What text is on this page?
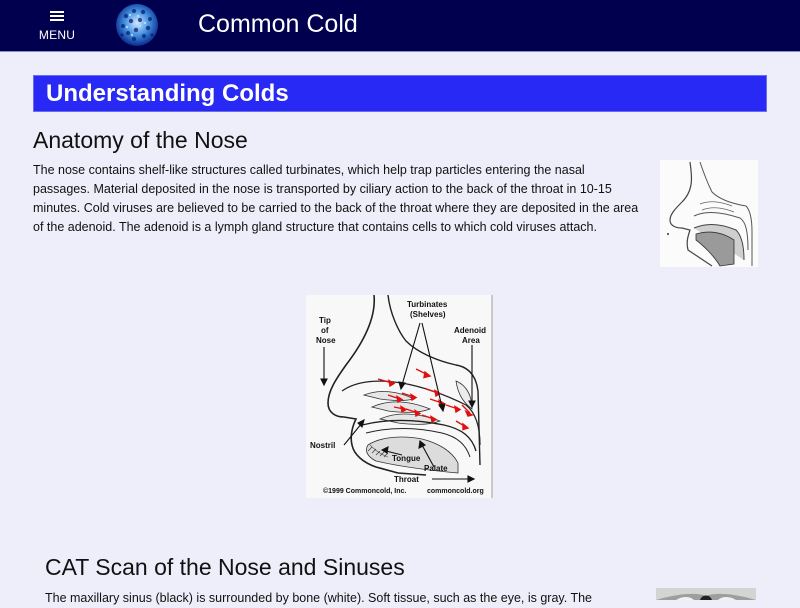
MENU	Common Cold
Understanding Colds
Anatomy of the Nose

The nose contains shelf-like structures called turbinates, which help trap particles entering the nasal passages. Material deposited in the nose is transported by ciliary action to the back of the throat in 10-15 minutes. Cold viruses are believed to be carried to the back of the throat where they are deposited in the area of the adenoid. The adenoid is a lymph gland structure that contains cells to which cold viruses attach.

Tip
of
Nose
Turbinates
(Shelves)
Adenoid
Area
Nostril
Tongue
Palate
Throat
©1999 Commoncold, Inc.	commoncold.org
CAT Scan of the Nose and Sinuses

The maxillary sinus (black) is surrounded by bone (white). Soft tissue, such as the eye, is gray. The
